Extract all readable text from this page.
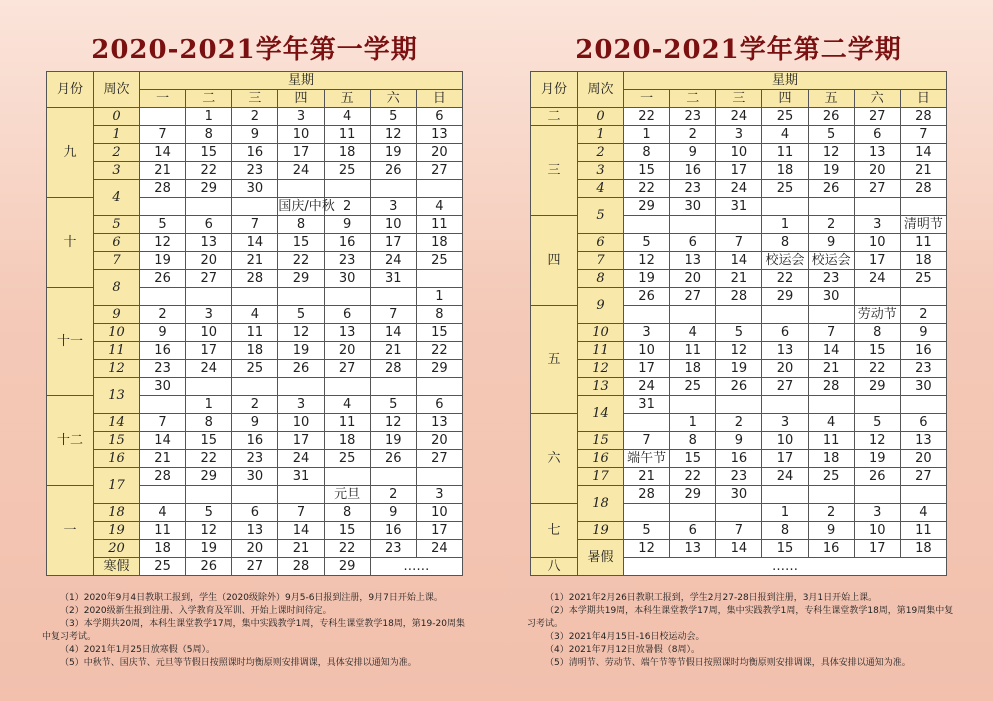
2020-2021学年第一学期	2020-2021学年第二学期
月份	周次	星期						
		一	二	三	四	五	六	日
九	0		1	2	3	4	5	6
	1	7	8	9	10	11	12	13
	2	14	15	16	17	18	19	20
	3	21	22	23	24	25	26	27
	4	28	29	30				
十					国庆/中秋	2	3	4
	5	5	6	7	8	9	10	11
	6	12	13	14	15	16	17	18
	7	19	20	21	22	23	24	25
	8	26	27	28	29	30	31	
十一								1
	9	2	3	4	5	6	7	8
	10	9	10	11	12	13	14	15
	11	16	17	18	19	20	21	22
	12	23	24	25	26	27	28	29
	13	30						
十二			1	2	3	4	5	6
	14	7	8	9	10	11	12	13
	15	14	15	16	17	18	19	20
	16	21	22	23	24	25	26	27
	17	28	29	30	31			
一						元旦	2	3
	18	4	5	6	7	8	9	10
	19	11	12	13	14	15	16	17
	20	18	19	20	21	22	23	24
	寒假	25	26	27	28	29	……	
月份	周次	星期						
		一	二	三	四	五	六	日
二	0	22	23	24	25	26	27	28
三	1	1	2	3	4	5	6	7
	2	8	9	10	11	12	13	14
	3	15	16	17	18	19	20	21
	4	22	23	24	25	26	27	28
	5	29	30	31				
四					1	2	3	清明节
	6	5	6	7	8	9	10	11
	7	12	13	14	校运会	校运会	17	18
	8	19	20	21	22	23	24	25
	9	26	27	28	29	30		
五							劳动节	2
	10	3	4	5	6	7	8	9
	11	10	11	12	13	14	15	16
	12	17	18	19	20	21	22	23
	13	24	25	26	27	28	29	30
	14	31						
六			1	2	3	4	5	6
	15	7	8	9	10	11	12	13
	16	端午节	15	16	17	18	19	20
	17	21	22	23	24	25	26	27
	18	28	29	30				
七					1	2	3	4
	19	5	6	7	8	9	10	11
	暑假	12	13	14	15	16	17	18
八		……						

（1）2020年9月4日教职工报到，学生（2020级除外）9月5-6日报到注册，9月7日开始上课。

（2）2020级新生报到注册、入学教育及军训、开始上课时间待定。

（3）本学期共20周，本科生课堂教学17周，集中实践教学1周，专科生课堂教学18周，第19-20周集中复习考试。

（4）2021年1月25日放寒假（5周）。

（5）中秋节、国庆节、元旦等节假日按照课时均衡原则安排调课，具体安排以通知为准。

（1）2021年2月26日教职工报到，学生2月27-28日报到注册，3月1日开始上课。

（2）本学期共19周，本科生课堂教学17周，集中实践教学1周，专科生课堂教学18周，第19周集中复习考试。

（3）2021年4月15日-16日校运动会。

（4）2021年7月12日放暑假（8周）。

（5）清明节、劳动节、端午节等节假日按照课时均衡原则安排调课，具体安排以通知为准。
